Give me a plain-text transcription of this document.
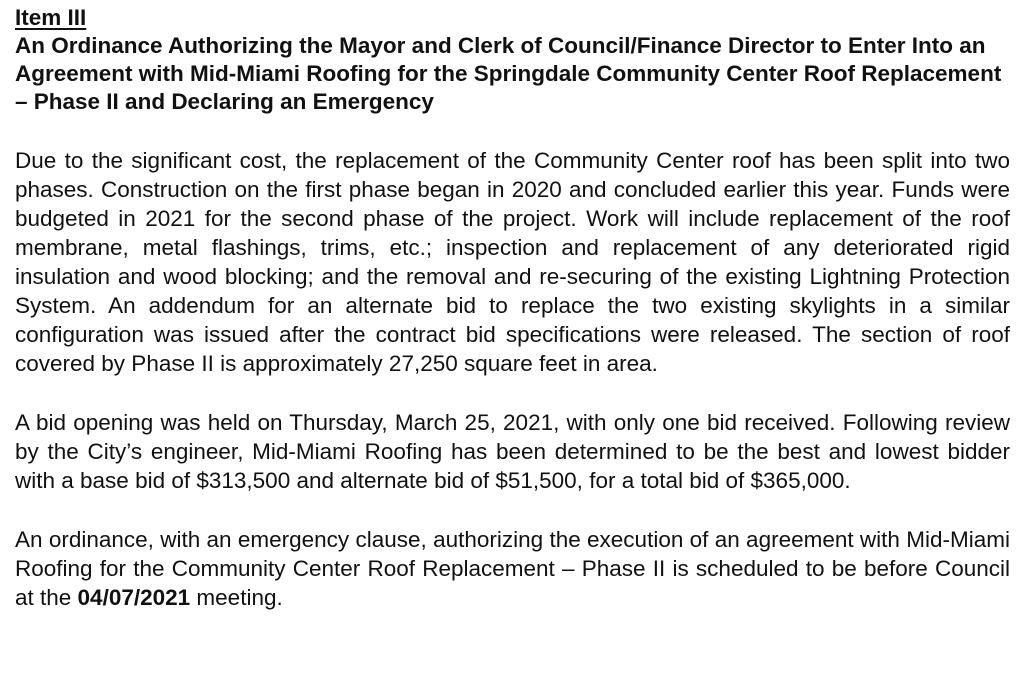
Item III

An Ordinance Authorizing the Mayor and Clerk of Council/Finance Director to Enter Into an Agreement with Mid-Miami Roofing for the Springdale Community Center Roof Replacement – Phase II and Declaring an Emergency

Due to the significant cost, the replacement of the Community Center roof has been split into two phases. Construction on the first phase began in 2020 and concluded earlier this year. Funds were budgeted in 2021 for the second phase of the project. Work will include replacement of the roof membrane, metal flashings, trims, etc.; inspection and replacement of any deteriorated rigid insulation and wood blocking; and the removal and re-securing of the existing Lightning Protection System. An addendum for an alternate bid to replace the two existing skylights in a similar configuration was issued after the contract bid specifications were released. The section of roof covered by Phase II is approximately 27,250 square feet in area.

A bid opening was held on Thursday, March 25, 2021, with only one bid received. Following review by the City’s engineer, Mid-Miami Roofing has been determined to be the best and lowest bidder with a base bid of $313,500 and alternate bid of $51,500, for a total bid of $365,000.

An ordinance, with an emergency clause, authorizing the execution of an agreement with Mid-Miami Roofing for the Community Center Roof Replacement – Phase II is scheduled to be before Council at the 04/07/2021 meeting.
